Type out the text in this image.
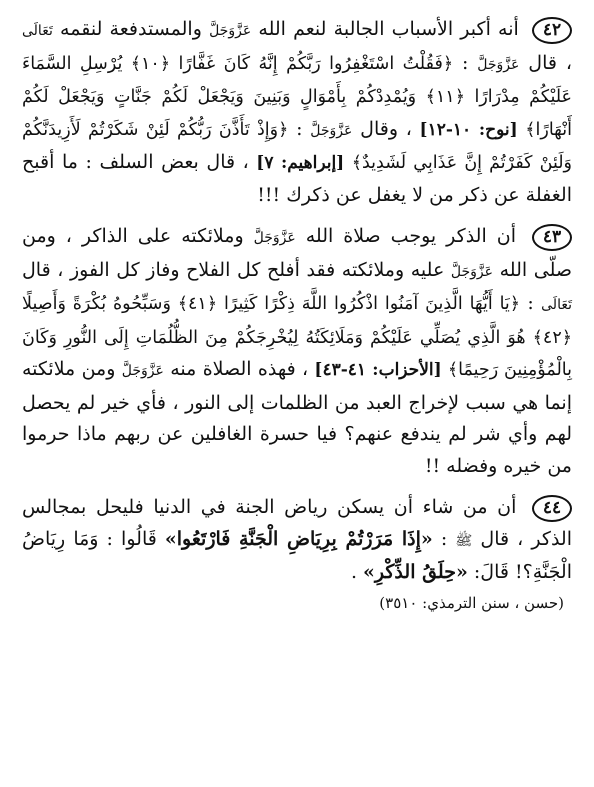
٤٢ أنه أكبر الأسباب الجالبة لنعم الله عَزَّوَجَلَّ والمستدفعة لنقمه تَعَالَى ، قال عَزَّوَجَلَّ : ﴿فَقُلْتُ اسْتَغْفِرُوا رَبَّكُمْ إِنَّهُ كَانَ غَفَّارًا ﴿١٠﴾ يُرْسِلِ السَّمَاءَ عَلَيْكُمْ مِدْرَارًا ﴿١١﴾ وَيُمْدِدْكُمْ بِأَمْوَالٍ وَبَنِينَ وَيَجْعَلْ لَكُمْ جَنَّاتٍ وَيَجْعَلْ لَكُمْ أَنْهَارًا﴾ [نوح: ١٠-١٢] ، وقال عَزَّوَجَلَّ : ﴿وَإِذْ تَأَذَّنَ رَبُّكُمْ لَئِنْ شَكَرْتُمْ لَأَزِيدَنَّكُمْ وَلَئِنْ كَفَرْتُمْ إِنَّ عَذَابِي لَشَدِيدٌ﴾ [إبراهيم: ٧] ، قال بعض السلف : ما أقبح الغفلة عن ذكر من لا يغفل عن ذكرك !!!

٤٣ أن الذكر يوجب صلاة الله عَزَّوَجَلَّ وملائكته على الذاكر ، ومن صلّى الله عَزَّوَجَلَّ عليه وملائكته فقد أفلح كل الفلاح وفاز كل الفوز ، قال تَعَالَى : ﴿يَا أَيُّهَا الَّذِينَ آمَنُوا اذْكُرُوا اللَّهَ ذِكْرًا كَثِيرًا ﴿٤١﴾ وَسَبِّحُوهُ بُكْرَةً وَأَصِيلًا ﴿٤٢﴾ هُوَ الَّذِي يُصَلِّي عَلَيْكُمْ وَمَلَائِكَتُهُ لِيُخْرِجَكُمْ مِنَ الظُّلُمَاتِ إِلَى النُّورِ وَكَانَ بِالْمُؤْمِنِينَ رَحِيمًا﴾ [الأحزاب: ٤١-٤٣] ، فهذه الصلاة منه عَزَّوَجَلَّ ومن ملائكته إنما هي سبب لإخراج العبد من الظلمات إلى النور ، فأي خير لم يحصل لهم وأي شر لم يندفع عنهم؟ فيا حسرة الغافلين عن ربهم ماذا حرموا من خيره وفضله !!

٤٤ أن من شاء أن يسكن رياض الجنة في الدنيا فليحل بمجالس الذكر ، قال ﷺ : «إِذَا مَرَرْتُمْ بِرِيَاضِ الْجَنَّةِ فَارْتَعُوا» قَالُوا : وَمَا رِيَاضُ الْجَنَّةِ؟! قَالَ: «حِلَقُ الذِّكْرِ» .

(حسن ، سنن الترمذي: ٣٥١٠)
